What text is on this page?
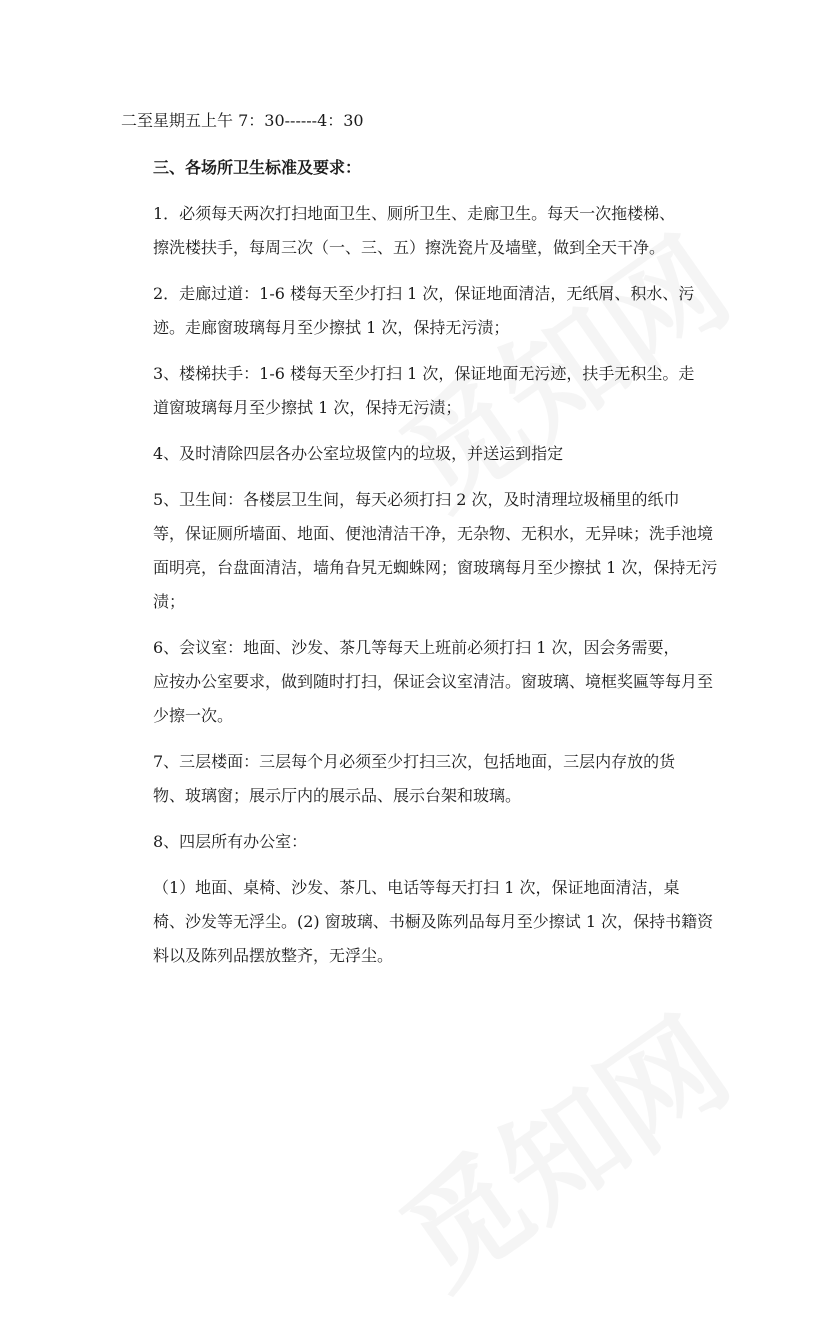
二至星期五上午 7：30------4：30

三、各场所卫生标准及要求：

1．必须每天两次打扫地面卫生、厕所卫生、走廊卫生。每天一次拖楼梯、
擦洗楼扶手，每周三次（一、三、五）擦洗瓷片及墙壁，做到全天干净。

2．走廊过道：1-6 楼每天至少打扫 1 次，保证地面清洁，无纸屑、积水、污
迹。走廊窗玻璃每月至少擦拭 1 次，保持无污渍；

3、楼梯扶手：1-6 楼每天至少打扫 1 次，保证地面无污迹，扶手无积尘。走
道窗玻璃每月至少擦拭 1 次，保持无污渍；

4、及时清除四层各办公室垃圾筐内的垃圾，并送运到指定

5、卫生间：各楼层卫生间，每天必须打扫 2 次，及时清理垃圾桶里的纸巾
等，保证厕所墙面、地面、便池清洁干净，无杂物、无积水，无异味；洗手池境
面明亮，台盘面清洁，墙角旮旯无蜘蛛网；窗玻璃每月至少擦拭 1 次，保持无污
渍；

6、会议室：地面、沙发、茶几等每天上班前必须打扫 1 次，因会务需要，
应按办公室要求，做到随时打扫，保证会议室清洁。窗玻璃、境框奖匾等每月至
少擦一次。

7、三层楼面：三层每个月必须至少打扫三次，包括地面，三层内存放的货
物、玻璃窗；展示厅内的展示品、展示台架和玻璃。

8、四层所有办公室：

（1）地面、桌椅、沙发、茶几、电话等每天打扫 1 次，保证地面清洁，桌
椅、沙发等无浮尘。(2) 窗玻璃、书橱及陈列品每月至少擦试 1 次，保持书籍资
料以及陈列品摆放整齐，无浮尘。
